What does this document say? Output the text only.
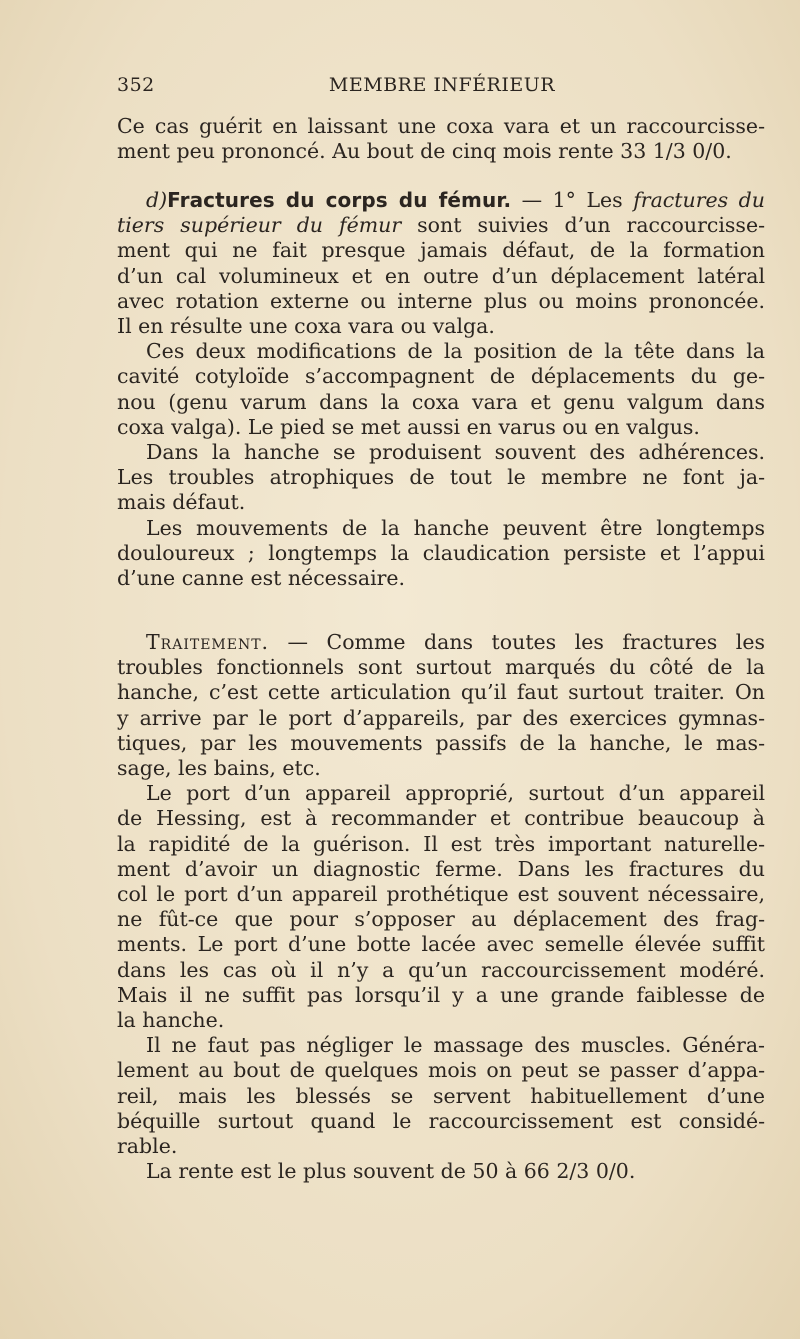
352	MEMBRE INFÉRIEUR

Ce cas guérit en laissant une coxa vara et un raccourcisse-

ment peu prononcé. Au bout de cinq mois rente 33 1/3 0/0.

d)Fractures du corps du fémur. — 1° Les fractures du

tiers supérieur du fémur sont suivies d’un raccourcisse-

ment qui ne fait presque jamais défaut, de la formation

d’un cal volumineux et en outre d’un déplacement latéral

avec rotation externe ou interne plus ou moins prononcée.

Il en résulte une coxa vara ou valga.

Ces deux modifications de la position de la tête dans la

cavité cotyloïde s’accompagnent de déplacements du ge-

nou (genu varum dans la coxa vara et genu valgum dans

coxa valga). Le pied se met aussi en varus ou en valgus.

Dans la hanche se produisent souvent des adhérences.

Les troubles atrophiques de tout le membre ne font ja-

mais défaut.

Les mouvements de la hanche peuvent être longtemps

douloureux ; longtemps la claudication persiste et l’appui

d’une canne est nécessaire.

Traitement. — Comme dans toutes les fractures les

troubles fonctionnels sont surtout marqués du côté de la

hanche, c’est cette articulation qu’il faut surtout traiter. On

y arrive par le port d’appareils, par des exercices gymnas-

tiques, par les mouvements passifs de la hanche, le mas-

sage, les bains, etc.

Le port d’un appareil approprié, surtout d’un appareil

de Hessing, est à recommander et contribue beaucoup à

la rapidité de la guérison. Il est très important naturelle-

ment d’avoir un diagnostic ferme. Dans les fractures du

col le port d’un appareil prothétique est souvent nécessaire,

ne fût-ce que pour s’opposer au déplacement des frag-

ments. Le port d’une botte lacée avec semelle élevée suffit

dans les cas où il n’y a qu’un raccourcissement modéré.

Mais il ne suffit pas lorsqu’il y a une grande faiblesse de

la hanche.

Il ne faut pas négliger le massage des muscles. Généra-

lement au bout de quelques mois on peut se passer d’appa-

reil, mais les blessés se servent habituellement d’une

béquille surtout quand le raccourcissement est considé-

rable.

La rente est le plus souvent de 50 à 66 2/3 0/0.
